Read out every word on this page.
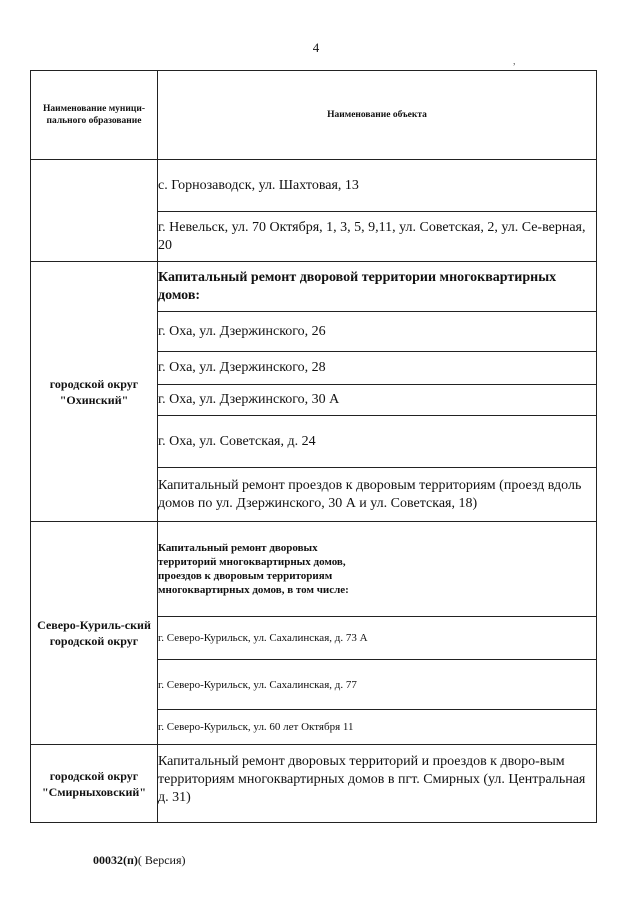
4
,
Наименование муници-пального образование	Наименование объекта
	с. Горнозаводск, ул. Шахтовая, 13
	г. Невельск, ул. 70 Октября, 1, 3, 5, 9,11, ул. Советская, 2, ул. Се-верная, 20
городской округ "Охинский"	Капитальный ремонт дворовой территории многоквартирных домов:
	г. Оха, ул. Дзержинского, 26
	г. Оха, ул. Дзержинского, 28
	г. Оха, ул. Дзержинского, 30 А
	г. Оха, ул. Советская, д. 24
	Капитальный ремонт проездов к дворовым территориям (проезд вдоль домов по ул. Дзержинского, 30 А и ул. Советская, 18)
Северо-Куриль-ский городской округ	Капитальный ремонт дворовых территорий многоквартирных домов, проездов к дворовым территориям многоквартирных домов, в том числе:

	г. Северо-Курильск, ул. Сахалинская, д. 73 А
	г. Северо-Курильск, ул. Сахалинская, д. 77
	г. Северо-Курильск, ул. 60 лет Октября 11
городской округ "Смирныховский"	Капитальный ремонт дворовых территорий и проездов к дворо-вым территориям многоквартирных домов в пгт. Смирных (ул. Центральная д. 31)
00032(п)( Версия)
